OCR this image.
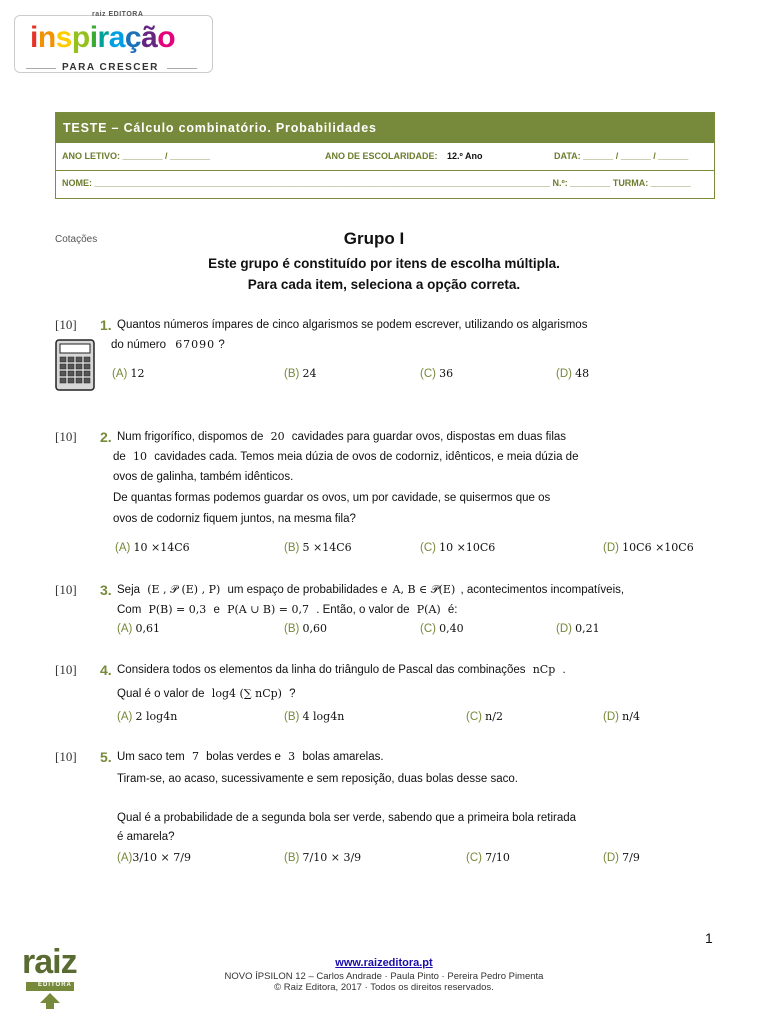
raiz EDITORA
inspiração
PARA CRESCER
TESTE – Cálculo combinatório. Probabilidades
ANO LETIVO: ________ / ________	ANO DE ESCOLARIDADE: 12.º Ano	DATA: ______ / ______ / ______
NOME: ___________________________________________________________________________________________ N.º: ________ TURMA: ________
Cotações	Grupo I
Este grupo é constituído por itens de escolha múltipla.
Para cada item, seleciona a opção correta.
[10] 1. Quantos números ímpares de cinco algarismos se podem escrever, utilizando os algarismos
do número 67090 ?
(A) 12	(B) 24	(C) 36	(D) 48
[10] 2. Num frigorífico, dispomos de 20 cavidades para guardar ovos, dispostas em duas filas
de 10 cavidades cada. Temos meia dúzia de ovos de codorniz, idênticos, e meia dúzia de
ovos de galinha, também idênticos.
De quantas formas podemos guardar os ovos, um por cavidade, se quisermos que os
ovos de codorniz fiquem juntos, na mesma fila?
(A) 10 ×14C6	(B) 5 ×14C6	(C) 10 ×10C6	(D) 10C6 ×10C6
[10] 3. Seja (E , 𝒫 (E) , P) um espaço de probabilidades e A, B ∈ 𝒫(E) , acontecimentos incompatíveis,
Com P(B) = 0,3 e P(A ∪ B) = 0,7 . Então, o valor de P(A) é:
(A) 0,61	(B) 0,60	(C) 0,40	(D) 0,21
[10] 4. Considera todos os elementos da linha do triângulo de Pascal das combinações nCp .
Qual é o valor de log4 (∑ nCp) ?
(A) 2 log4n	(B) 4 log4n	(C) n/2	(D) n/4
[10] 5. Um saco tem 7 bolas verdes e 3 bolas amarelas.
Tiram-se, ao acaso, sucessivamente e sem reposição, duas bolas desse saco.
Qual é a probabilidade de a segunda bola ser verde, sabendo que a primeira bola retirada
é amarela?
(A)3/10 × 7/9	(B) 7/10 × 3/9	(C) 7/10	(D) 7/9
1
raiz
EDITORA
www.raizeditora.pt
NOVO ÍPSILON 12 – Carlos Andrade · Paula Pinto · Pereira Pedro Pimenta
© Raiz Editora, 2017 · Todos os direitos reservados.
